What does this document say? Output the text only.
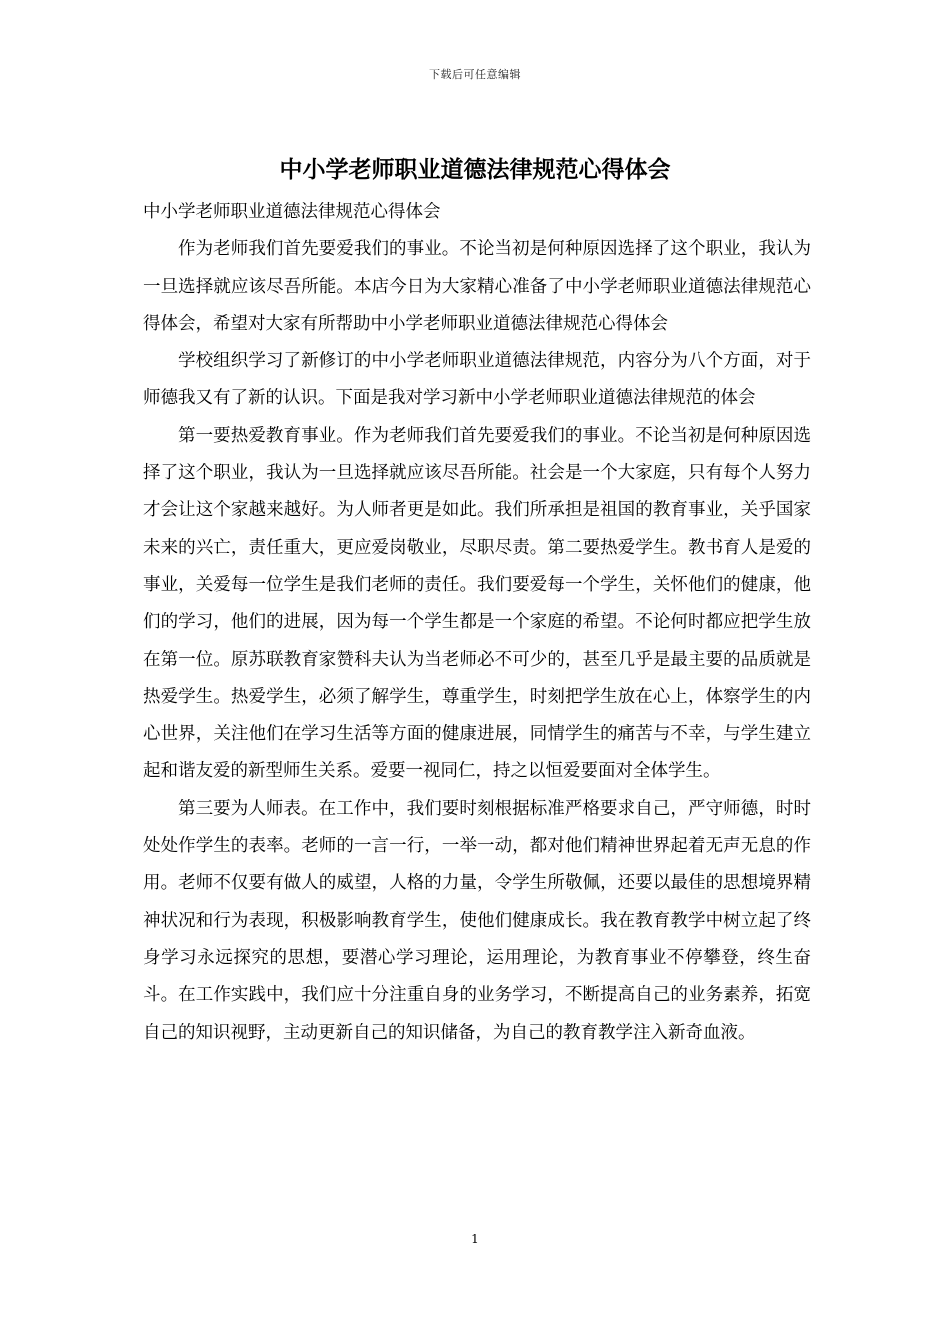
下载后可任意编辑
中小学老师职业道德法律规范心得体会

中小学老师职业道德法律规范心得体会

作为老师我们首先要爱我们的事业。不论当初是何种原因选择了这个职业，我认为一旦选择就应该尽吾所能。本店今日为大家精心准备了中小学老师职业道德法律规范心得体会，希望对大家有所帮助中小学老师职业道德法律规范心得体会

学校组织学习了新修订的中小学老师职业道德法律规范，内容分为八个方面，对于师德我又有了新的认识。下面是我对学习新中小学老师职业道德法律规范的体会

第一要热爱教育事业。作为老师我们首先要爱我们的事业。不论当初是何种原因选择了这个职业，我认为一旦选择就应该尽吾所能。社会是一个大家庭，只有每个人努力才会让这个家越来越好。为人师者更是如此。我们所承担是祖国的教育事业，关乎国家未来的兴亡，责任重大，更应爱岗敬业，尽职尽责。第二要热爱学生。教书育人是爱的事业，关爱每一位学生是我们老师的责任。我们要爱每一个学生，关怀他们的健康，他们的学习，他们的进展，因为每一个学生都是一个家庭的希望。不论何时都应把学生放在第一位。原苏联教育家赞科夫认为当老师必不可少的，甚至几乎是最主要的品质就是热爱学生。热爱学生，必须了解学生，尊重学生，时刻把学生放在心上，体察学生的内心世界，关注他们在学习生活等方面的健康进展，同情学生的痛苦与不幸，与学生建立起和谐友爱的新型师生关系。爱要一视同仁，持之以恒爱要面对全体学生。

第三要为人师表。在工作中，我们要时刻根据标准严格要求自己，严守师德，时时处处作学生的表率。老师的一言一行，一举一动，都对他们精神世界起着无声无息的作用。老师不仅要有做人的威望，人格的力量，令学生所敬佩，还要以最佳的思想境界精神状况和行为表现，积极影响教育学生，使他们健康成长。我在教育教学中树立起了终身学习永远探究的思想，要潜心学习理论，运用理论，为教育事业不停攀登，终生奋斗。在工作实践中，我们应十分注重自身的业务学习，不断提高自己的业务素养，拓宽自己的知识视野，主动更新自己的知识储备，为自己的教育教学注入新奇血液。

1
